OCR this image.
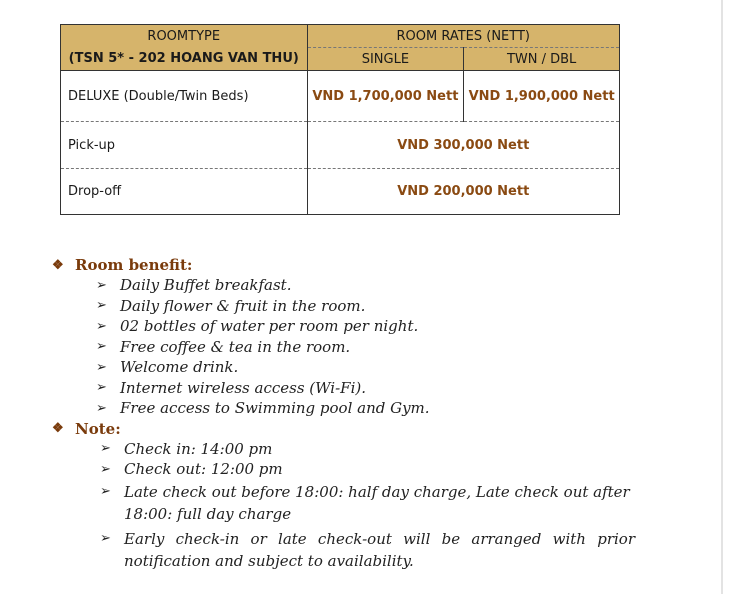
ROOMTYPE	ROOM RATES (NETT)	
(TSN 5* - 202 HOANG VAN THU)	SINGLE	TWN / DBL
DELUXE (Double/Twin Beds)	VND 1,700,000 Nett	VND 1,900,000 Nett
Pick-up	VND 300,000 Nett	
Drop-off	VND 200,000 Nett	
❖ Room benefit:
➢ Daily Buffet breakfast.
➢ Daily flower & fruit in the room.
➢ 02 bottles of water per room per night.
➢ Free coffee & tea in the room.
➢ Welcome drink.
➢ Internet wireless access (Wi-Fi).
➢ Free access to Swimming pool and Gym.
❖ Note:
➢ Check in: 14:00 pm
➢ Check out: 12:00 pm
➢ Late check out before 18:00: half day charge, Late check out after 18:00: full day charge
➢ Early check-in or late check-out will be arranged with prior notification and subject to availability.
